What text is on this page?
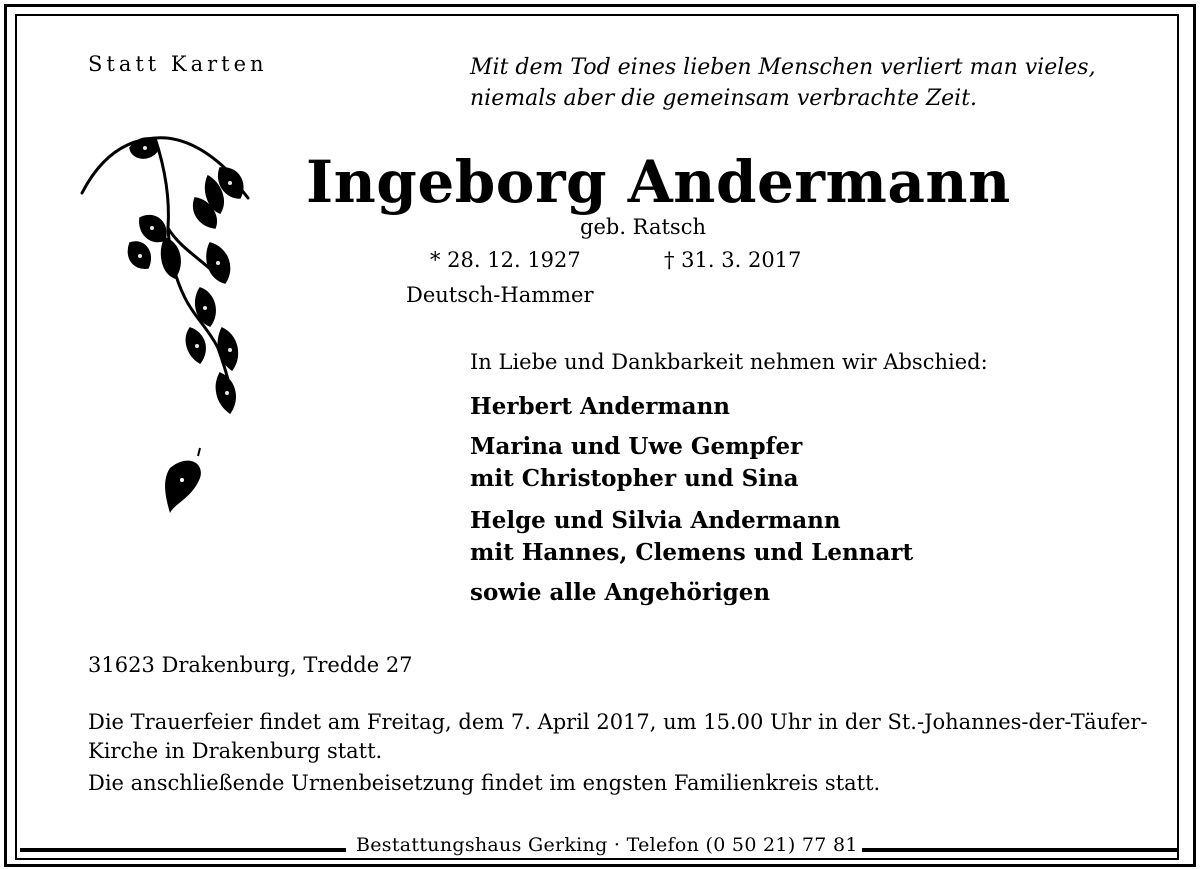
Statt Karten	Mit dem Tod eines lieben Menschen verliert man vieles,
niemals aber die gemeinsam verbrachte Zeit.
Ingeborg Andermann
geb. Ratsch
* 28. 12. 1927	† 31. 3. 2017
Deutsch-Hammer
In Liebe und Dankbarkeit nehmen wir Abschied:
Herbert Andermann
Marina und Uwe Gempfer
mit Christopher und Sina
Helge und Silvia Andermann
mit Hannes, Clemens und Lennart
sowie alle Angehörigen
31623 Drakenburg, Tredde 27
Die Trauerfeier findet am Freitag, dem 7. April 2017, um 15.00 Uhr in der St.-Johannes-der-Täufer-Kirche in Drakenburg statt.
Die anschließende Urnenbeisetzung findet im engsten Familienkreis statt.
Bestattungshaus Gerking · Telefon (0 50 21) 77 81
